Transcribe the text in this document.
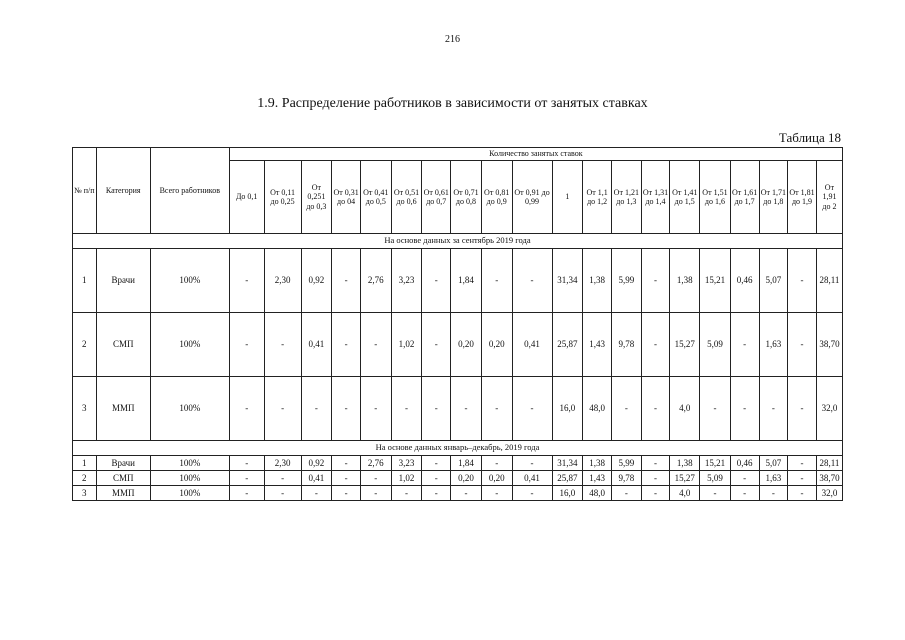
216
1.9. Распределение работников в зависимости от занятых ставках
Таблица 18
№ п/п	Категория	Всего работников	Количество занятых ставок																			
			До 0,1	От 0,11 до 0,25	От 0,251 до 0,3	От 0,31 до 04	От 0,41 до 0,5	От 0,51 до 0,6	От 0,61 до 0,7	От 0,71 до 0,8	От 0,81 до 0,9	От 0,91 до 0,99	1	От 1,1 до 1,2	От 1,21 до 1,3	От 1,31 до 1,4	От 1,41 до 1,5	От 1,51 до 1,6	От 1,61 до 1,7	От 1,71 до 1,8	От 1,81 до 1,9	От 1,91 до 2
На основе данных за сентябрь 2019 года																						
1	Врачи	100%	-	2,30	0,92	-	2,76	3,23	-	1,84	-	-	31,34	1,38	5,99	-	1,38	15,21	0,46	5,07	-	28,11
2	СМП	100%	-	-	0,41	-	-	1,02	-	0,20	0,20	0,41	25,87	1,43	9,78	-	15,27	5,09	-	1,63	-	38,70
3	ММП	100%	-	-	-	-	-	-	-	-	-	-	16,0	48,0	-	-	4,0	-	-	-	-	32,0
На основе данных январь–декабрь, 2019 года																						
1	Врачи	100%	-	2,30	0,92	-	2,76	3,23	-	1,84	-	-	31,34	1,38	5,99	-	1,38	15,21	0,46	5,07	-	28,11
2	СМП	100%	-	-	0,41	-	-	1,02	-	0,20	0,20	0,41	25,87	1,43	9,78	-	15,27	5,09	-	1,63	-	38,70
3	ММП	100%	-	-	-	-	-	-	-	-	-	-	16,0	48,0	-	-	4,0	-	-	-	-	32,0
